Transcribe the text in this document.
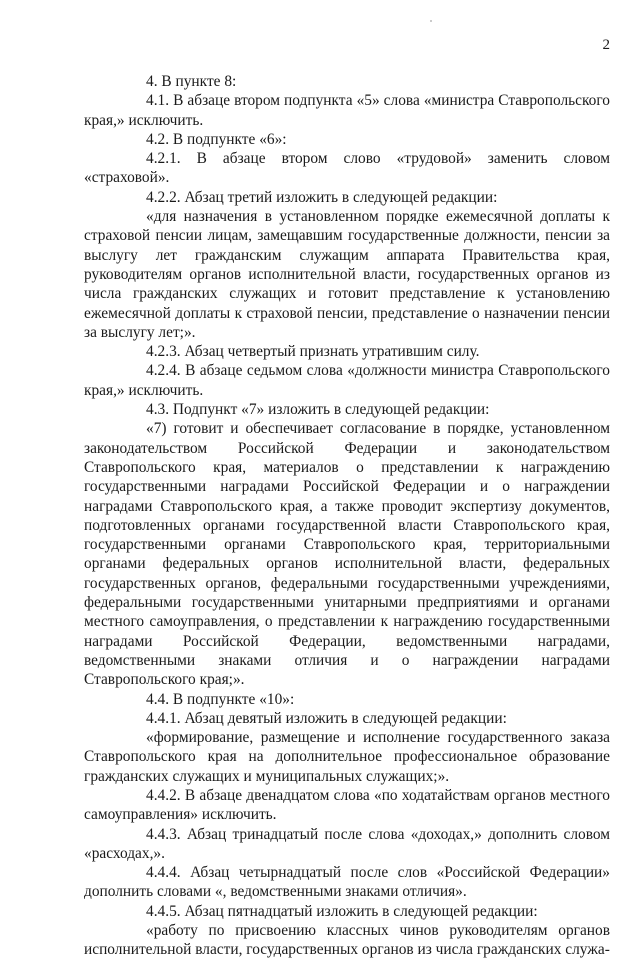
2

4. В пункте 8:

4.1. В абзаце втором подпункта «5» слова «министра Ставропольского края,» исключить.

4.2. В подпункте «6»:

4.2.1. В абзаце втором слово «трудовой» заменить словом «страховой».

4.2.2. Абзац третий изложить в следующей редакции:

«для назначения в установленном порядке ежемесячной доплаты к страховой пенсии лицам, замещавшим государственные должности, пенсии за выслугу лет гражданским служащим аппарата Правительства края, руководителям органов исполнительной власти, государственных органов из числа гражданских служащих и готовит представление к установлению ежемесячной доплаты к страховой пенсии, представление о назначении пенсии за выслугу лет;».

4.2.3. Абзац четвертый признать утратившим силу.

4.2.4. В абзаце седьмом слова «должности министра Ставропольского края,» исключить.

4.3. Подпункт «7» изложить в следующей редакции:

«7) готовит и обеспечивает согласование в порядке, установленном законодательством Российской Федерации и законодательством Ставропольского края, материалов о представлении к награждению государственными наградами Российской Федерации и о награждении наградами Ставропольского края, а также проводит экспертизу документов, подготовленных органами государственной власти Ставропольского края, государственными органами Ставропольского края, территориальными органами федеральных органов исполнительной власти, федеральных государственных органов, федеральными государственными учреждениями, федеральными государственными унитарными предприятиями и органами местного самоуправления, о представлении к награждению государственными наградами Российской Федерации, ведомственными наградами, ведомственными знаками отличия и о награждении наградами Ставропольского края;».

4.4. В подпункте «10»:

4.4.1. Абзац девятый изложить в следующей редакции:

«формирование, размещение и исполнение государственного заказа Ставропольского края на дополнительное профессиональное образование гражданских служащих и муниципальных служащих;».

4.4.2. В абзаце двенадцатом слова «по ходатайствам органов местного самоуправления» исключить.

4.4.3. Абзац тринадцатый после слова «доходах,» дополнить словом «расходах,».

4.4.4. Абзац четырнадцатый после слов «Российской Федерации» дополнить словами «, ведомственными знаками отличия».

4.4.5. Абзац пятнадцатый изложить в следующей редакции:

«работу по присвоению классных чинов руководителям органов исполнительной власти, государственных органов из числа гражданских служа-
